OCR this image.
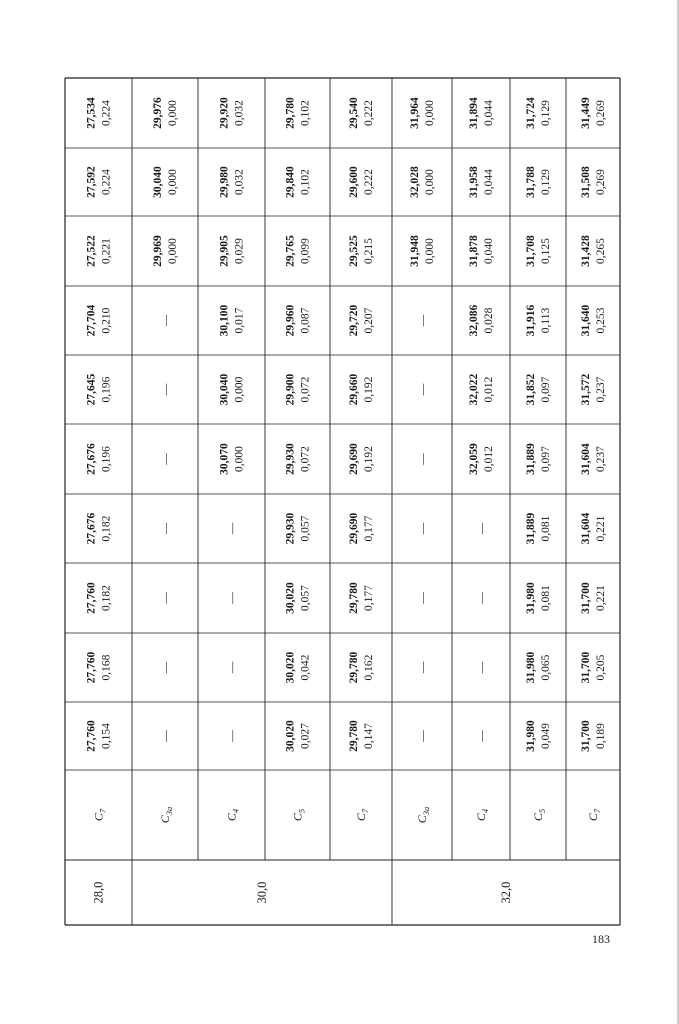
27,534 0,224
27,592 0,224
27,522 0,221
27,704 0,210
27,645 0,196
27,676 0,196
27,676 0,182
27,760 0,182
27,760 0,168
27,760 0,154
$C_7$
29,976 0,000
30,040 0,000
29,969 0,000
—
—
—
—
—
—
—
$C_{3a}$
29,920 0,032
29,980 0,032
29,905 0,029
30,100 0,017
30,040 0,000
30,070 0,000
—
—
—
—
$C_4$
29,780 0,102
29,840 0,102
29,765 0,099
29,960 0,087
29,900 0,072
29,930 0,072
29,930 0,057
30,020 0,057
30,020 0,042
30,020 0,027
$C_5$
29,540 0,222
29,600 0,222
29,525 0,215
29,720 0,207
29,660 0,192
29,690 0,192
29,690 0,177
29,780 0,177
29,780 0,162
29,780 0,147
$C_7$
31,964 0,000
32,028 0,000
31,948 0,000
—
—
—
—
—
—
—
$C_{3a}$
31,894 0,044
31,958 0,044
31,878 0,040
32,086 0,028
32,022 0,012
32,059 0,012
—
—
—
—
$C_4$
31,724 0,129
31,788 0,129
31,708 0,125
31,916 0,113
31,852 0,097
31,889 0,097
31,889 0,081
31,980 0,081
31,980 0,065
31,980 0,049
$C_5$
31,449 0,269
31,508 0,269
31,428 0,265
31,640 0,253
31,572 0,237
31,604 0,237
31,604 0,221
31,700 0,221
31,700 0,205
31,700 0,189
$C_7$
28,0	30,0	32,0
183
